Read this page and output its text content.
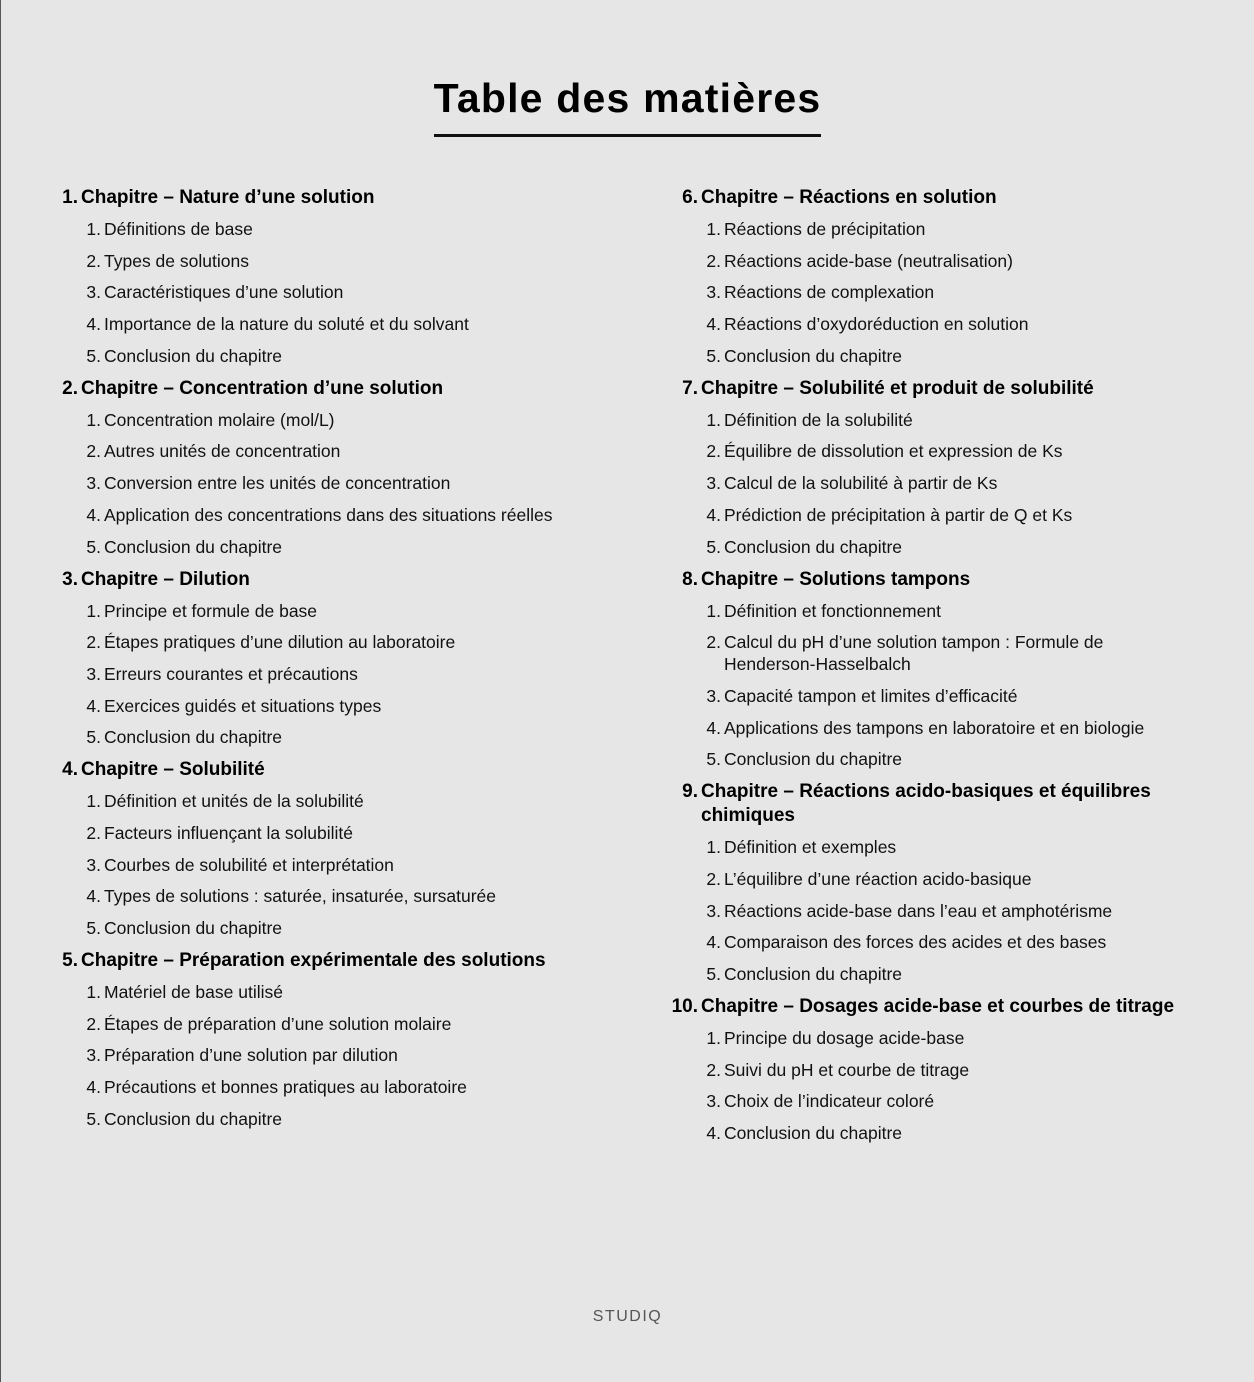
Table des matières
1. Chapitre – Nature d’une solution
1. Définitions de base
2. Types de solutions
3. Caractéristiques d’une solution
4. Importance de la nature du soluté et du solvant
5. Conclusion du chapitre
2. Chapitre – Concentration d’une solution
1. Concentration molaire (mol/L)
2. Autres unités de concentration
3. Conversion entre les unités de concentration
4. Application des concentrations dans des situations réelles
5. Conclusion du chapitre
3. Chapitre – Dilution
1. Principe et formule de base
2. Étapes pratiques d’une dilution au laboratoire
3. Erreurs courantes et précautions
4. Exercices guidés et situations types
5. Conclusion du chapitre
4. Chapitre – Solubilité
1. Définition et unités de la solubilité
2. Facteurs influençant la solubilité
3. Courbes de solubilité et interprétation
4. Types de solutions : saturée, insaturée, sursaturée
5. Conclusion du chapitre
5. Chapitre – Préparation expérimentale des solutions
1. Matériel de base utilisé
2. Étapes de préparation d’une solution molaire
3. Préparation d’une solution par dilution
4. Précautions et bonnes pratiques au laboratoire
5. Conclusion du chapitre
6. Chapitre – Réactions en solution
1. Réactions de précipitation
2. Réactions acide-base (neutralisation)
3. Réactions de complexation
4. Réactions d’oxydoréduction en solution
5. Conclusion du chapitre
7. Chapitre – Solubilité et produit de solubilité
1. Définition de la solubilité
2. Équilibre de dissolution et expression de Ks
3. Calcul de la solubilité à partir de Ks
4. Prédiction de précipitation à partir de Q et Ks
5. Conclusion du chapitre
8. Chapitre – Solutions tampons
1. Définition et fonctionnement
2. Calcul du pH d’une solution tampon : Formule de Henderson-Hasselbalch
3. Capacité tampon et limites d’efficacité
4. Applications des tampons en laboratoire et en biologie
5. Conclusion du chapitre
9. Chapitre – Réactions acido-basiques et équilibres chimiques
1. Définition et exemples
2. L’équilibre d’une réaction acido-basique
3. Réactions acide-base dans l’eau et amphotérisme
4. Comparaison des forces des acides et des bases
5. Conclusion du chapitre
10. Chapitre – Dosages acide-base et courbes de titrage
1. Principe du dosage acide-base
2. Suivi du pH et courbe de titrage
3. Choix de l’indicateur coloré
4. Conclusion du chapitre
STUDIQ
